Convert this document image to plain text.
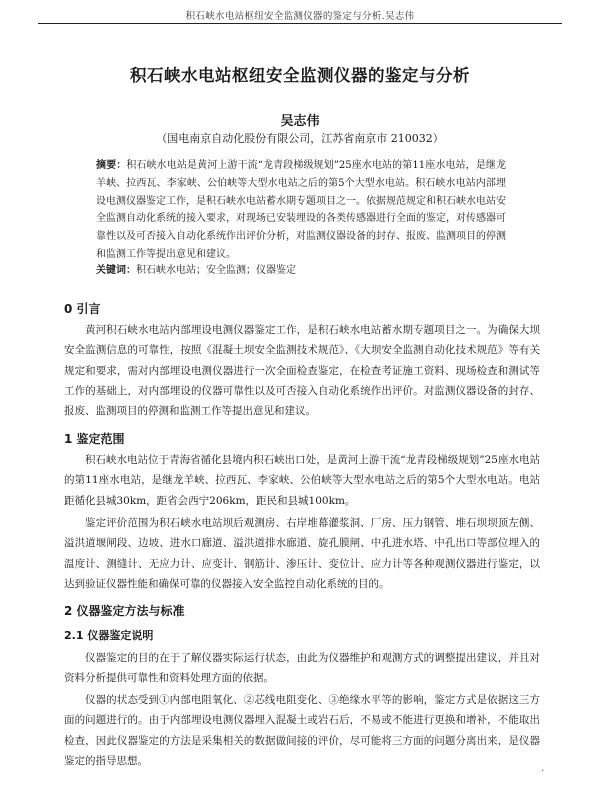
积石峡水电站枢纽安全监测仪器的鉴定与分析.吴志伟
积石峡水电站枢纽安全监测仪器的鉴定与分析
吴志伟
（国电南京自动化股份有限公司，江苏省南京市 210032）
摘要：积石峡水电站是黄河上游干流“龙青段梯级规划”25座水电站的第11座水电站，是继龙羊峡、拉西瓦、李家峡、公伯峡等大型水电站之后的第5个大型水电站。积石峡水电站内部埋设电测仪器鉴定工作，是积石峡水电站蓄水期专题项目之一。依据规范规定和积石峡水电站安全监测自动化系统的接入要求，对现场已安装埋设的各类传感器进行全面的鉴定，对传感器可靠性以及可否接入自动化系统作出评价分析，对监测仪器设备的封存、报废、监测项目的停测和监测工作等提出意见和建议。
关键词：积石峡水电站；安全监测；仪器鉴定
0 引言
黄河积石峡水电站内部埋设电测仪器鉴定工作，是积石峡水电站蓄水期专题项目之一。为确保大坝安全监测信息的可靠性，按照《混凝土坝安全监测技术规范》、《大坝安全监测自动化技术规范》等有关规定和要求，需对内部埋设电测仪器进行一次全面检查鉴定，在检查考证施工资料、现场检查和测试等工作的基础上，对内部埋设的仪器可靠性以及可否接入自动化系统作出评价。对监测仪器设备的封存、报废、监测项目的停测和监测工作等提出意见和建议。
1 鉴定范围
积石峡水电站位于青海省循化县境内积石峡出口处，是黄河上游干流“龙青段梯级规划”25座水电站的第11座水电站，是继龙羊峡、拉西瓦、李家峡、公伯峡等大型水电站之后的第5个大型水电站。电站距循化县城30km，距省会西宁206km，距民和县城100km。
鉴定评价范围为积石峡水电站坝后观测房、右岸堆幕灌浆洞、厂房、压力钢管、堆石坝坝顶左侧、溢洪道堰闸段、边坡、进水口廊道、溢洪道排水廊道、旋孔膜闸、中孔进水塔、中孔出口等部位埋入的温度计、测缝计、无应力计、应变计、钢筋计、渗压计、变位计、应力计等各种观测仪器进行鉴定，以达到验证仪器性能和确保可靠的仪器接入安全监控自动化系统的目的。
2 仪器鉴定方法与标准
2.1 仪器鉴定说明
仪器鉴定的目的在于了解仪器实际运行状态，由此为仪器维护和观测方式的调整提出建议，并且对资料分析提供可靠性和资料处理方面的依据。
仪器的状态受到①内部电阻氧化、②芯线电阻变化、③绝缘水平等的影响，鉴定方式是依据这三方面的问题进行的。由于内部埋设电测仪器埋入混凝土或岩石后，不易或不能进行更换和增补，不能取出检查，因此仪器鉴定的方法是采集相关的数据做间接的评价，尽可能将三方面的问题分离出来，是仪器鉴定的指导思想。
·
